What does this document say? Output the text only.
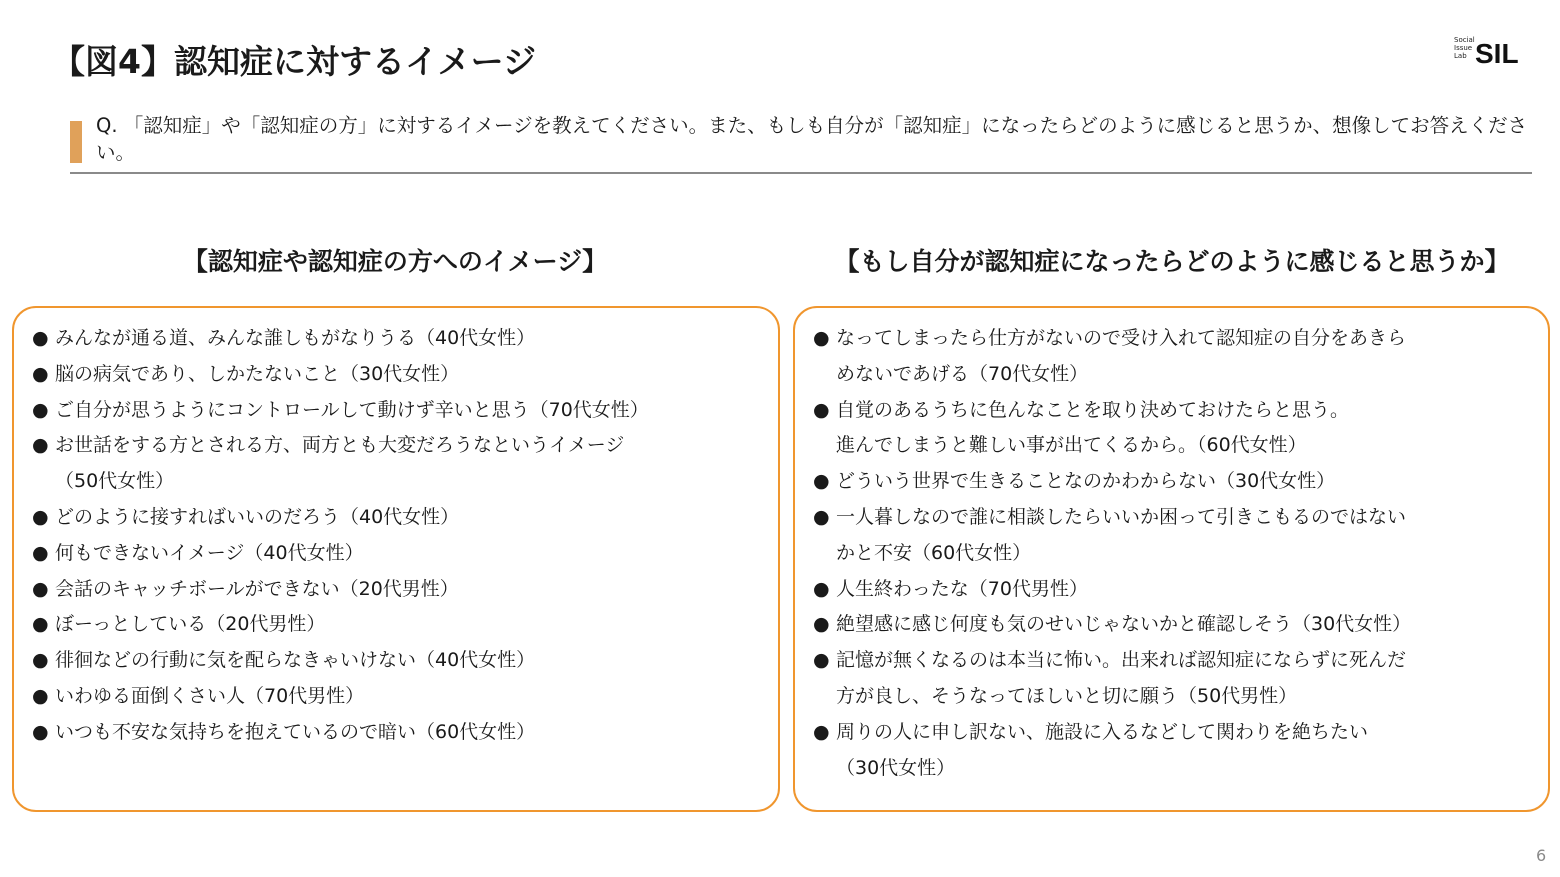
【図4】認知症に対するイメージ
Social
Issue
Lab SIL
Q. 「認知症」や「認知症の方」に対するイメージを教えてください。また、もしも自分が「認知症」になったらどのように感じると思うか、想像してお答えください。
【認知症や認知症の方へのイメージ】	【もし自分が認知症になったらどのように感じると思うか】
● みんなが通る道、みんな誰しもがなりうる（40代女性）
● 脳の病気であり、しかたないこと（30代女性）
● ご自分が思うようにコントロールして動けず辛いと思う（70代女性）
● お世話をする方とされる方、両方とも大変だろうなというイメージ
（50代女性）
● どのように接すればいいのだろう（40代女性）
● 何もできないイメージ（40代女性）
● 会話のキャッチボールができない（20代男性）
● ぼーっとしている（20代男性）
● 徘徊などの行動に気を配らなきゃいけない（40代女性）
● いわゆる面倒くさい人（70代男性）
● いつも不安な気持ちを抱えているので暗い（60代女性）
● なってしまったら仕方がないので受け入れて認知症の自分をあきら
めないであげる（70代女性）
● 自覚のあるうちに色んなことを取り決めておけたらと思う。
進んでしまうと難しい事が出てくるから。（60代女性）
● どういう世界で生きることなのかわからない（30代女性）
● 一人暮しなので誰に相談したらいいか困って引きこもるのではない
かと不安（60代女性）
● 人生終わったな（70代男性）
● 絶望感に感じ何度も気のせいじゃないかと確認しそう（30代女性）
● 記憶が無くなるのは本当に怖い。出来れば認知症にならずに死んだ
方が良し、そうなってほしいと切に願う（50代男性）
● 周りの人に申し訳ない、施設に入るなどして関わりを絶ちたい
（30代女性）
6
